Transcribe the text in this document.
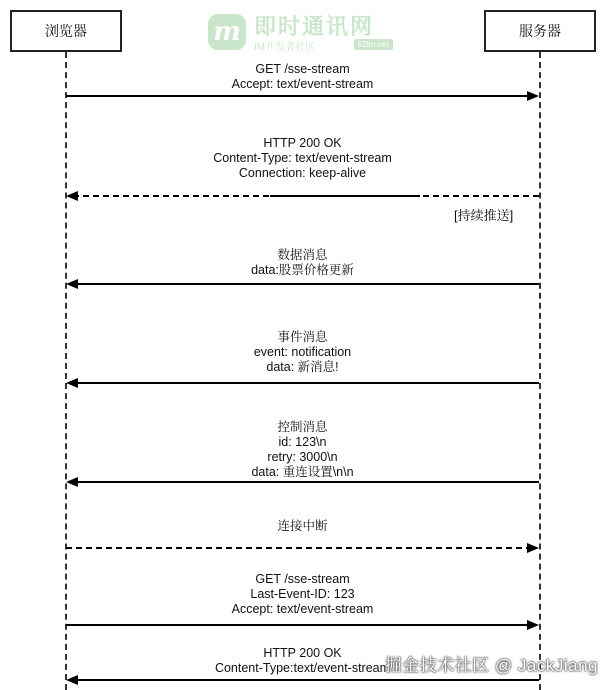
浏览器	服务器
m 即时通讯网
IM开发者社区	52im.net
GET /sse-stream
Accept: text/event-stream
HTTP 200 OK
Content-Type: text/event-stream
Connection: keep-alive
数据消息
data:股票价格更新
事件消息
event: notification
data: 新消息!
控制消息
id: 123\n
retry: 3000\n
data: 重连设置\n\n
连接中断
GET /sse-stream
Last-Event-ID: 123
Accept: text/event-stream
HTTP 200 OK
Content-Type:text/event-stream
[持续推送]
掘金技术社区 @ JackJiang
